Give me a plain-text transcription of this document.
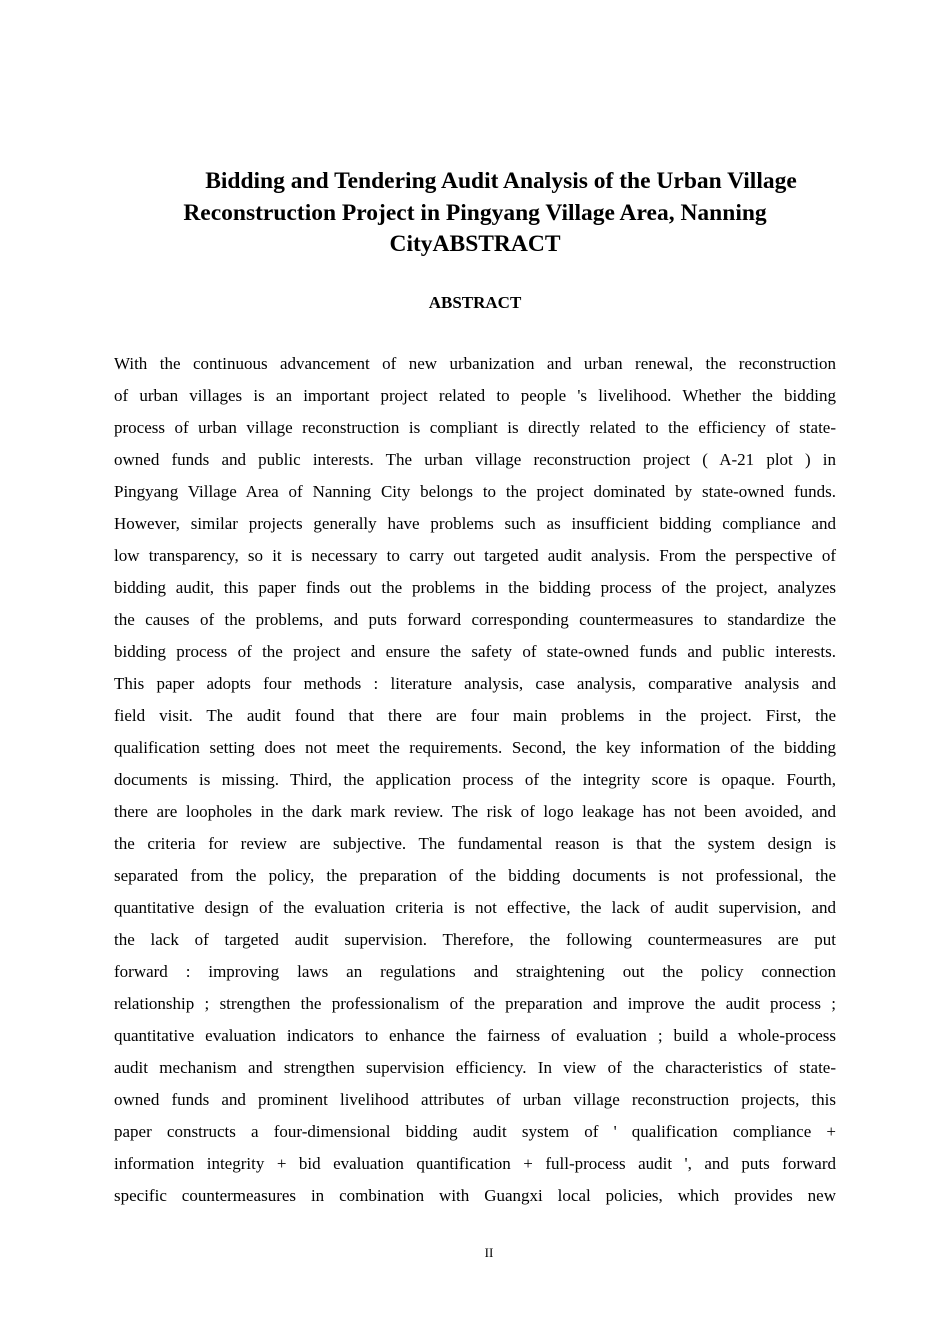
Bidding and Tendering Audit Analysis of the Urban Village
Reconstruction Project in Pingyang Village Area, Nanning
CityABSTRACT
ABSTRACT
With the continuous advancement of new urbanization and urban renewal, the reconstruction
of urban villages is an important project related to people 's livelihood. Whether the bidding
process of urban village reconstruction is compliant is directly related to the efficiency of state-
owned funds and public interests. The urban village reconstruction project ( A-21 plot ) in
Pingyang Village Area of Nanning City belongs to the project dominated by state-owned funds.
However, similar projects generally have problems such as insufficient bidding compliance and
low transparency, so it is necessary to carry out targeted audit analysis. From the perspective of
bidding audit, this paper finds out the problems in the bidding process of the project, analyzes
the causes of the problems, and puts forward corresponding countermeasures to standardize the
bidding process of the project and ensure the safety of state-owned funds and public interests.
This paper adopts four methods : literature analysis, case analysis, comparative analysis and
field visit. The audit found that there are four main problems in the project. First, the
qualification setting does not meet the requirements. Second, the key information of the bidding
documents is missing. Third, the application process of the integrity score is opaque. Fourth,
there are loopholes in the dark mark review. The risk of logo leakage has not been avoided, and
the criteria for review are subjective. The fundamental reason is that the system design is
separated from the policy, the preparation of the bidding documents is not professional, the
quantitative design of the evaluation criteria is not effective, the lack of audit supervision, and
the lack of targeted audit supervision. Therefore, the following countermeasures are put
forward : improving laws an regulations and straightening out the policy connection
relationship ; strengthen the professionalism of the preparation and improve the audit process ;
quantitative evaluation indicators to enhance the fairness of evaluation ; build a whole-process
audit mechanism and strengthen supervision efficiency. In view of the characteristics of state-
owned funds and prominent livelihood attributes of urban village reconstruction projects, this
paper constructs a four-dimensional bidding audit system of ' qualification compliance +
information integrity + bid evaluation quantification + full-process audit ', and puts forward
specific countermeasures in combination with Guangxi local policies, which provides new
II
